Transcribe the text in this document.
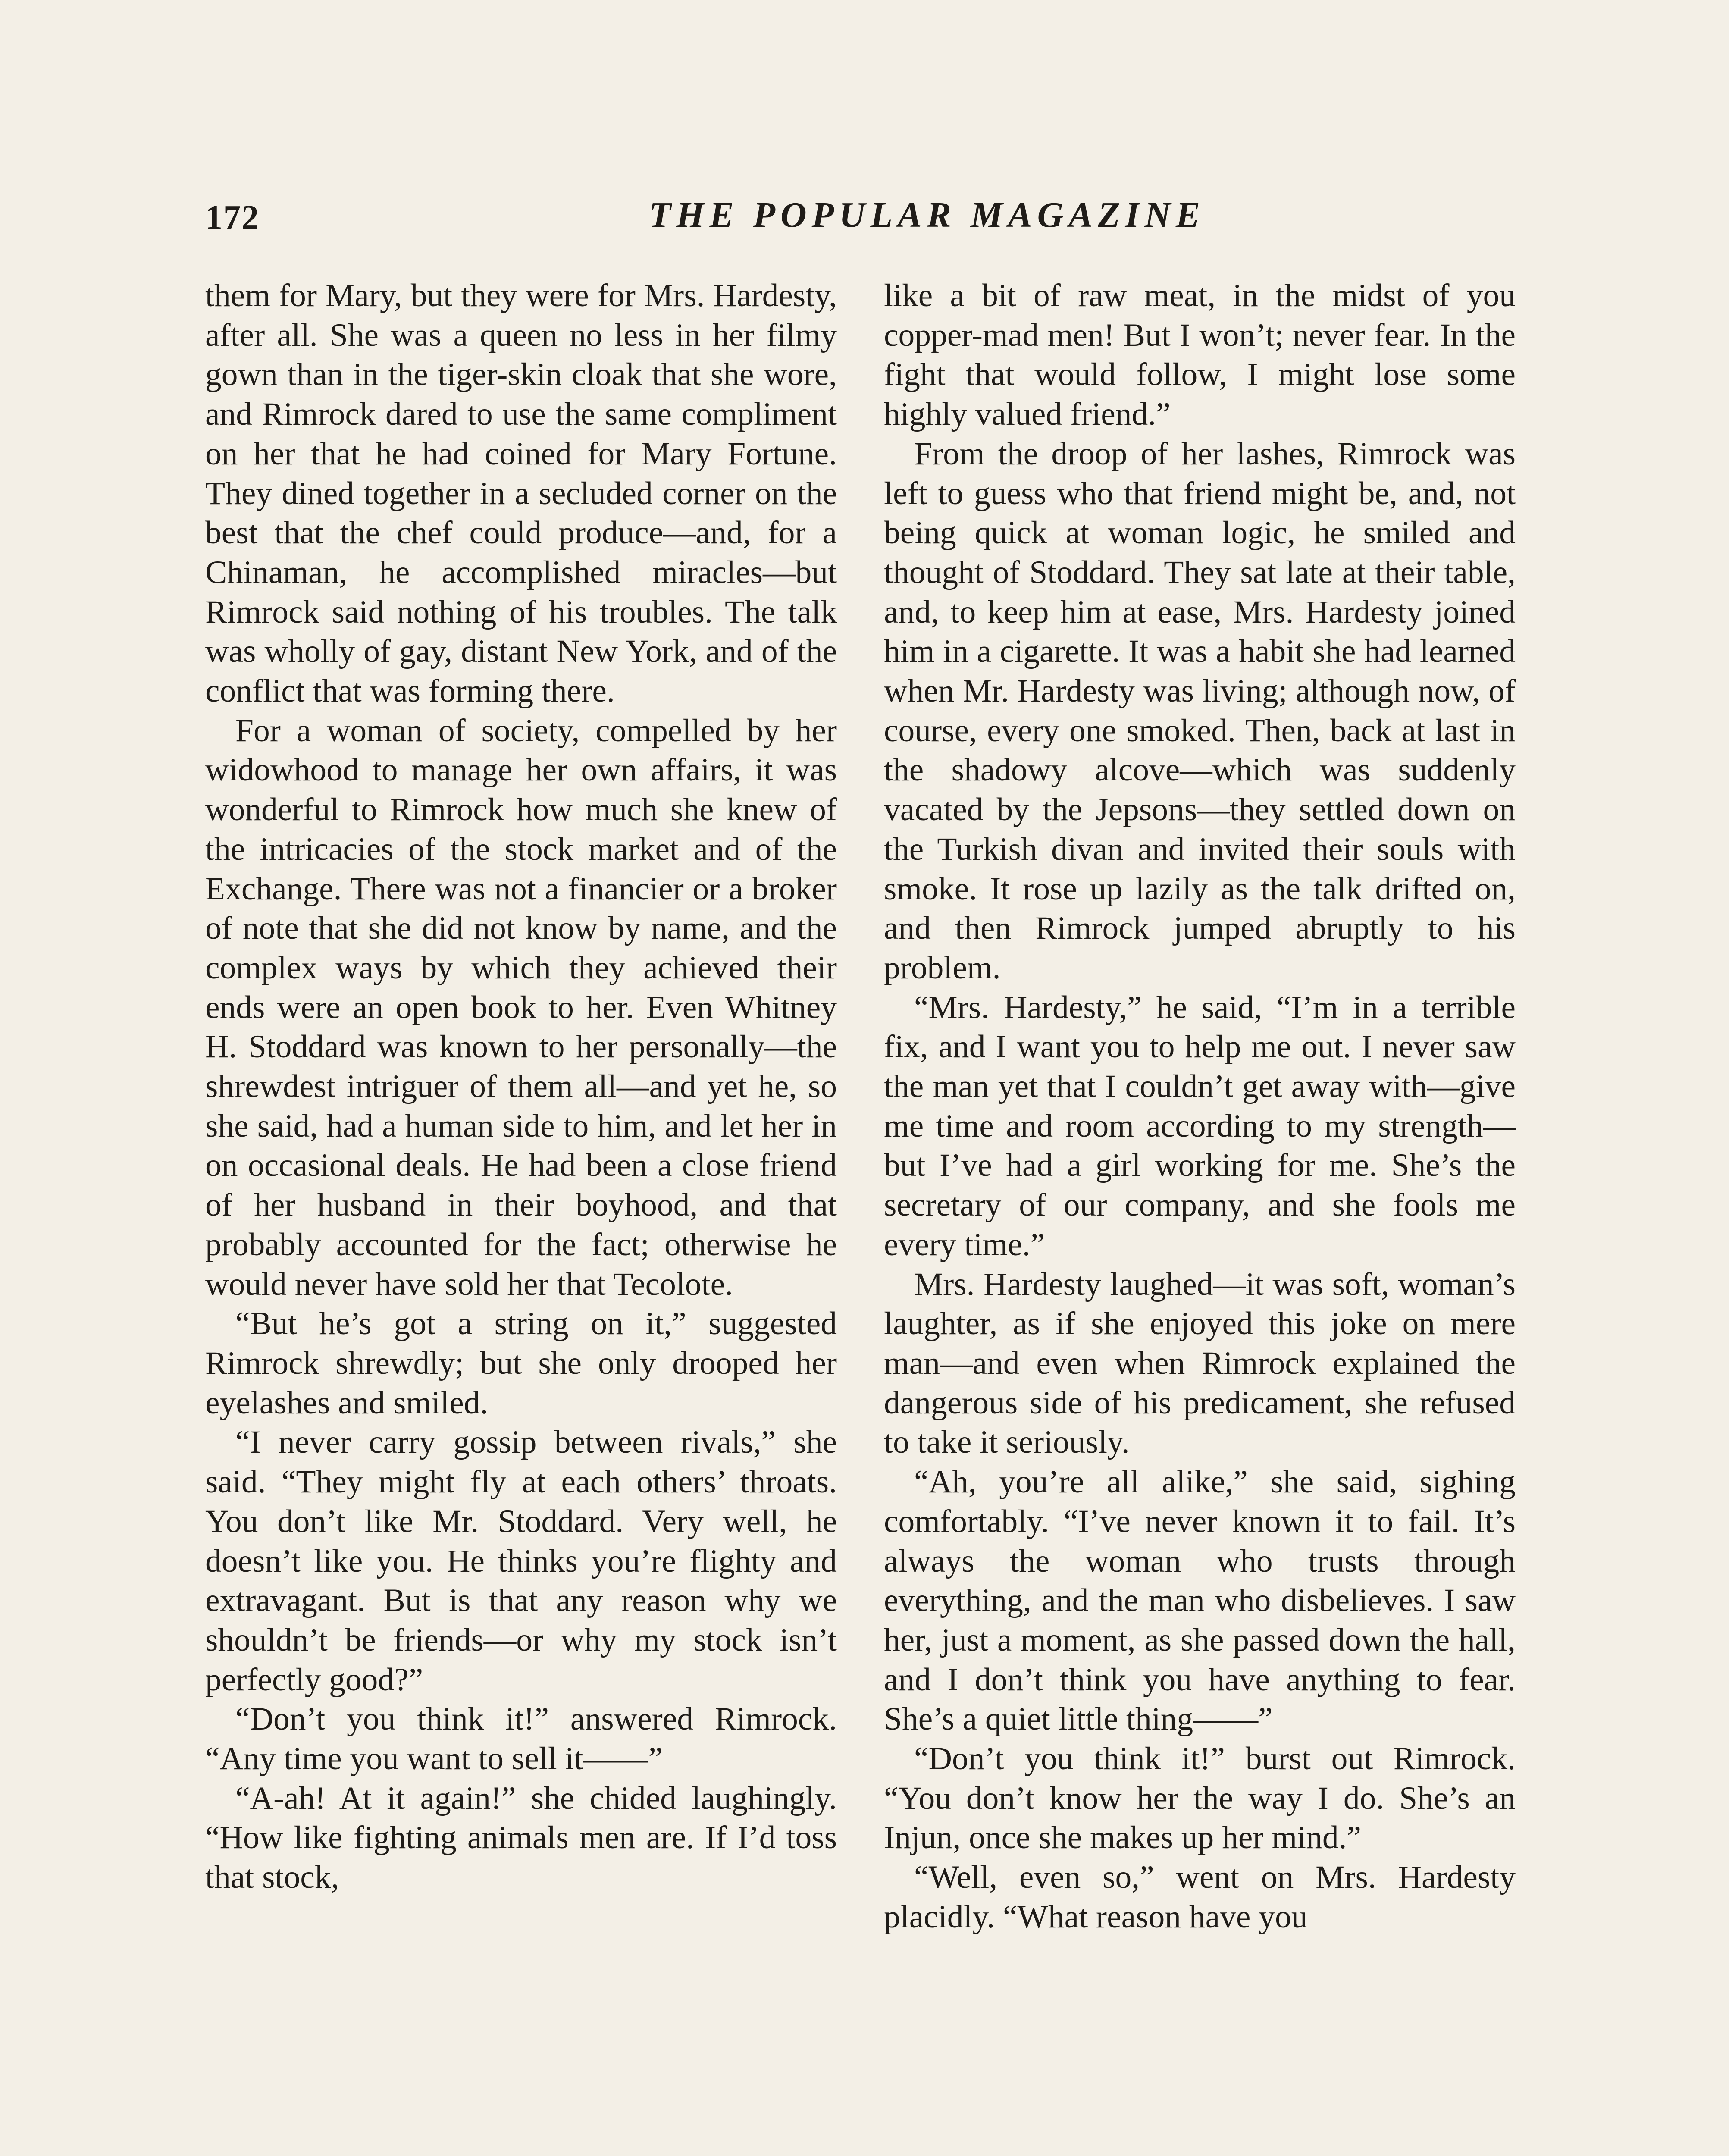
172	THE POPULAR MAGAZINE

them for Mary, but they were for Mrs. Hardesty, after all. She was a queen no less in her filmy gown than in the tiger-skin cloak that she wore, and Rimrock dared to use the same compliment on her that he had coined for Mary Fortune. They dined together in a secluded corner on the best that the chef could produce—and, for a Chinaman, he accomplished miracles—but Rimrock said nothing of his troubles. The talk was wholly of gay, distant New York, and of the conflict that was forming there.

For a woman of society, compelled by her widowhood to manage her own affairs, it was wonderful to Rimrock how much she knew of the intricacies of the stock market and of the Exchange. There was not a financier or a broker of note that she did not know by name, and the complex ways by which they achieved their ends were an open book to her. Even Whitney H. Stoddard was known to her personally—the shrewdest intriguer of them all—and yet he, so she said, had a human side to him, and let her in on occasional deals. He had been a close friend of her husband in their boyhood, and that probably accounted for the fact; otherwise he would never have sold her that Tecolote.

“But he’s got a string on it,” suggested Rimrock shrewdly; but she only drooped her eyelashes and smiled.

“I never carry gossip between rivals,” she said. “They might fly at each others’ throats. You don’t like Mr. Stoddard. Very well, he doesn’t like you. He thinks you’re flighty and extravagant. But is that any reason why we shouldn’t be friends—or why my stock isn’t perfectly good?”

“Don’t you think it!” answered Rimrock. “Any time you want to sell it——”

“A-ah! At it again!” she chided laughingly. “How like fighting animals men are. If I’d toss that stock,

like a bit of raw meat, in the midst of you copper-mad men! But I won’t; never fear. In the fight that would follow, I might lose some highly valued friend.”

From the droop of her lashes, Rimrock was left to guess who that friend might be, and, not being quick at woman logic, he smiled and thought of Stoddard. They sat late at their table, and, to keep him at ease, Mrs. Hardesty joined him in a cigarette. It was a habit she had learned when Mr. Hardesty was living; although now, of course, every one smoked. Then, back at last in the shadowy alcove—which was suddenly vacated by the Jepsons—they settled down on the Turkish divan and invited their souls with smoke. It rose up lazily as the talk drifted on, and then Rimrock jumped abruptly to his problem.

“Mrs. Hardesty,” he said, “I’m in a terrible fix, and I want you to help me out. I never saw the man yet that I couldn’t get away with—give me time and room according to my strength—but I’ve had a girl working for me. She’s the secretary of our company, and she fools me every time.”

Mrs. Hardesty laughed—it was soft, woman’s laughter, as if she enjoyed this joke on mere man—and even when Rimrock explained the dangerous side of his predicament, she refused to take it seriously.

“Ah, you’re all alike,” she said, sighing comfortably. “I’ve never known it to fail. It’s always the woman who trusts through everything, and the man who disbelieves. I saw her, just a moment, as she passed down the hall, and I don’t think you have anything to fear. She’s a quiet little thing——”

“Don’t you think it!” burst out Rimrock. “You don’t know her the way I do. She’s an Injun, once she makes up her mind.”

“Well, even so,” went on Mrs. Hardesty placidly. “What reason have you
